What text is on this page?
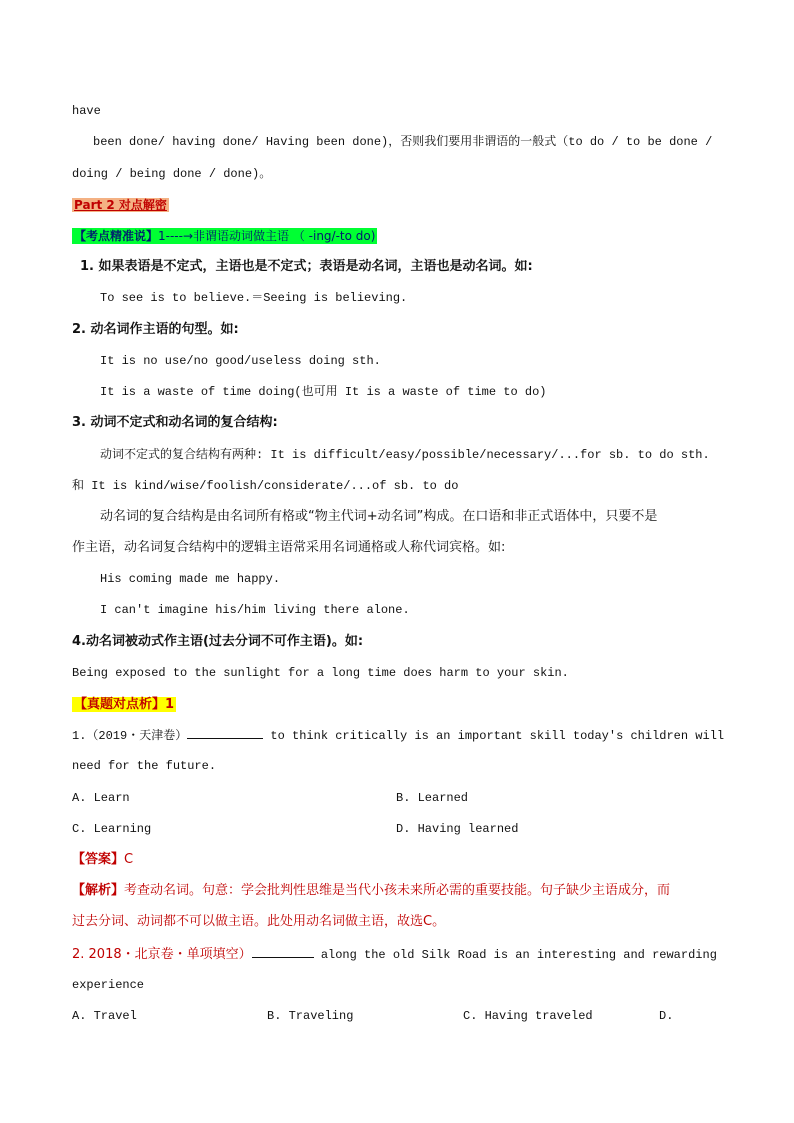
have
been done/ having done/ Having been done)，否则我们要用非谓语的一般式（to do / to be done /
doing / being done / done)。
Part 2 对点解密
【考点精准说】1----→非谓语动词做主语 （ -ing/-to do)
1. 如果表语是不定式，主语也是不定式；表语是动名词，主语也是动名词。如:
To see is to believe.＝Seeing is believing.
2. 动名词作主语的句型。如:
It is no use/no good/useless doing sth.
It is a waste of time doing(也可用 It is a waste of time to do)
3. 动词不定式和动名词的复合结构:
动词不定式的复合结构有两种: It is difficult/easy/possible/necessary/...for sb. to do sth.
和 It is kind/wise/foolish/considerate/...of sb. to do
动名词的复合结构是由名词所有格或“物主代词+动名词”构成。在口语和非正式语体中，只要不是
作主语，动名词复合结构中的逻辑主语常采用名词通格或人称代词宾格。如:
His coming made me happy.
I can't imagine his/him living there alone.
4.动名词被动式作主语(过去分词不可作主语)。如:
Being exposed to the sunlight for a long time does harm to your skin.
【真题对点析】1
1.（2019・天津卷）	to think critically is an important skill today's children will
need for the future.
A. Learn	B. Learned
C. Learning	D. Having learned
【答案】C
【解析】考查动名词。句意：学会批判性思维是当代小孩未来所必需的重要技能。句子缺少主语成分，而
过去分词、动词都不可以做主语。此处用动名词做主语，故选C。
2. 2018・北京卷・单项填空）	along the old Silk Road is an interesting and rewarding
experience
A. Travel	B. Traveling	C. Having traveled	D.
